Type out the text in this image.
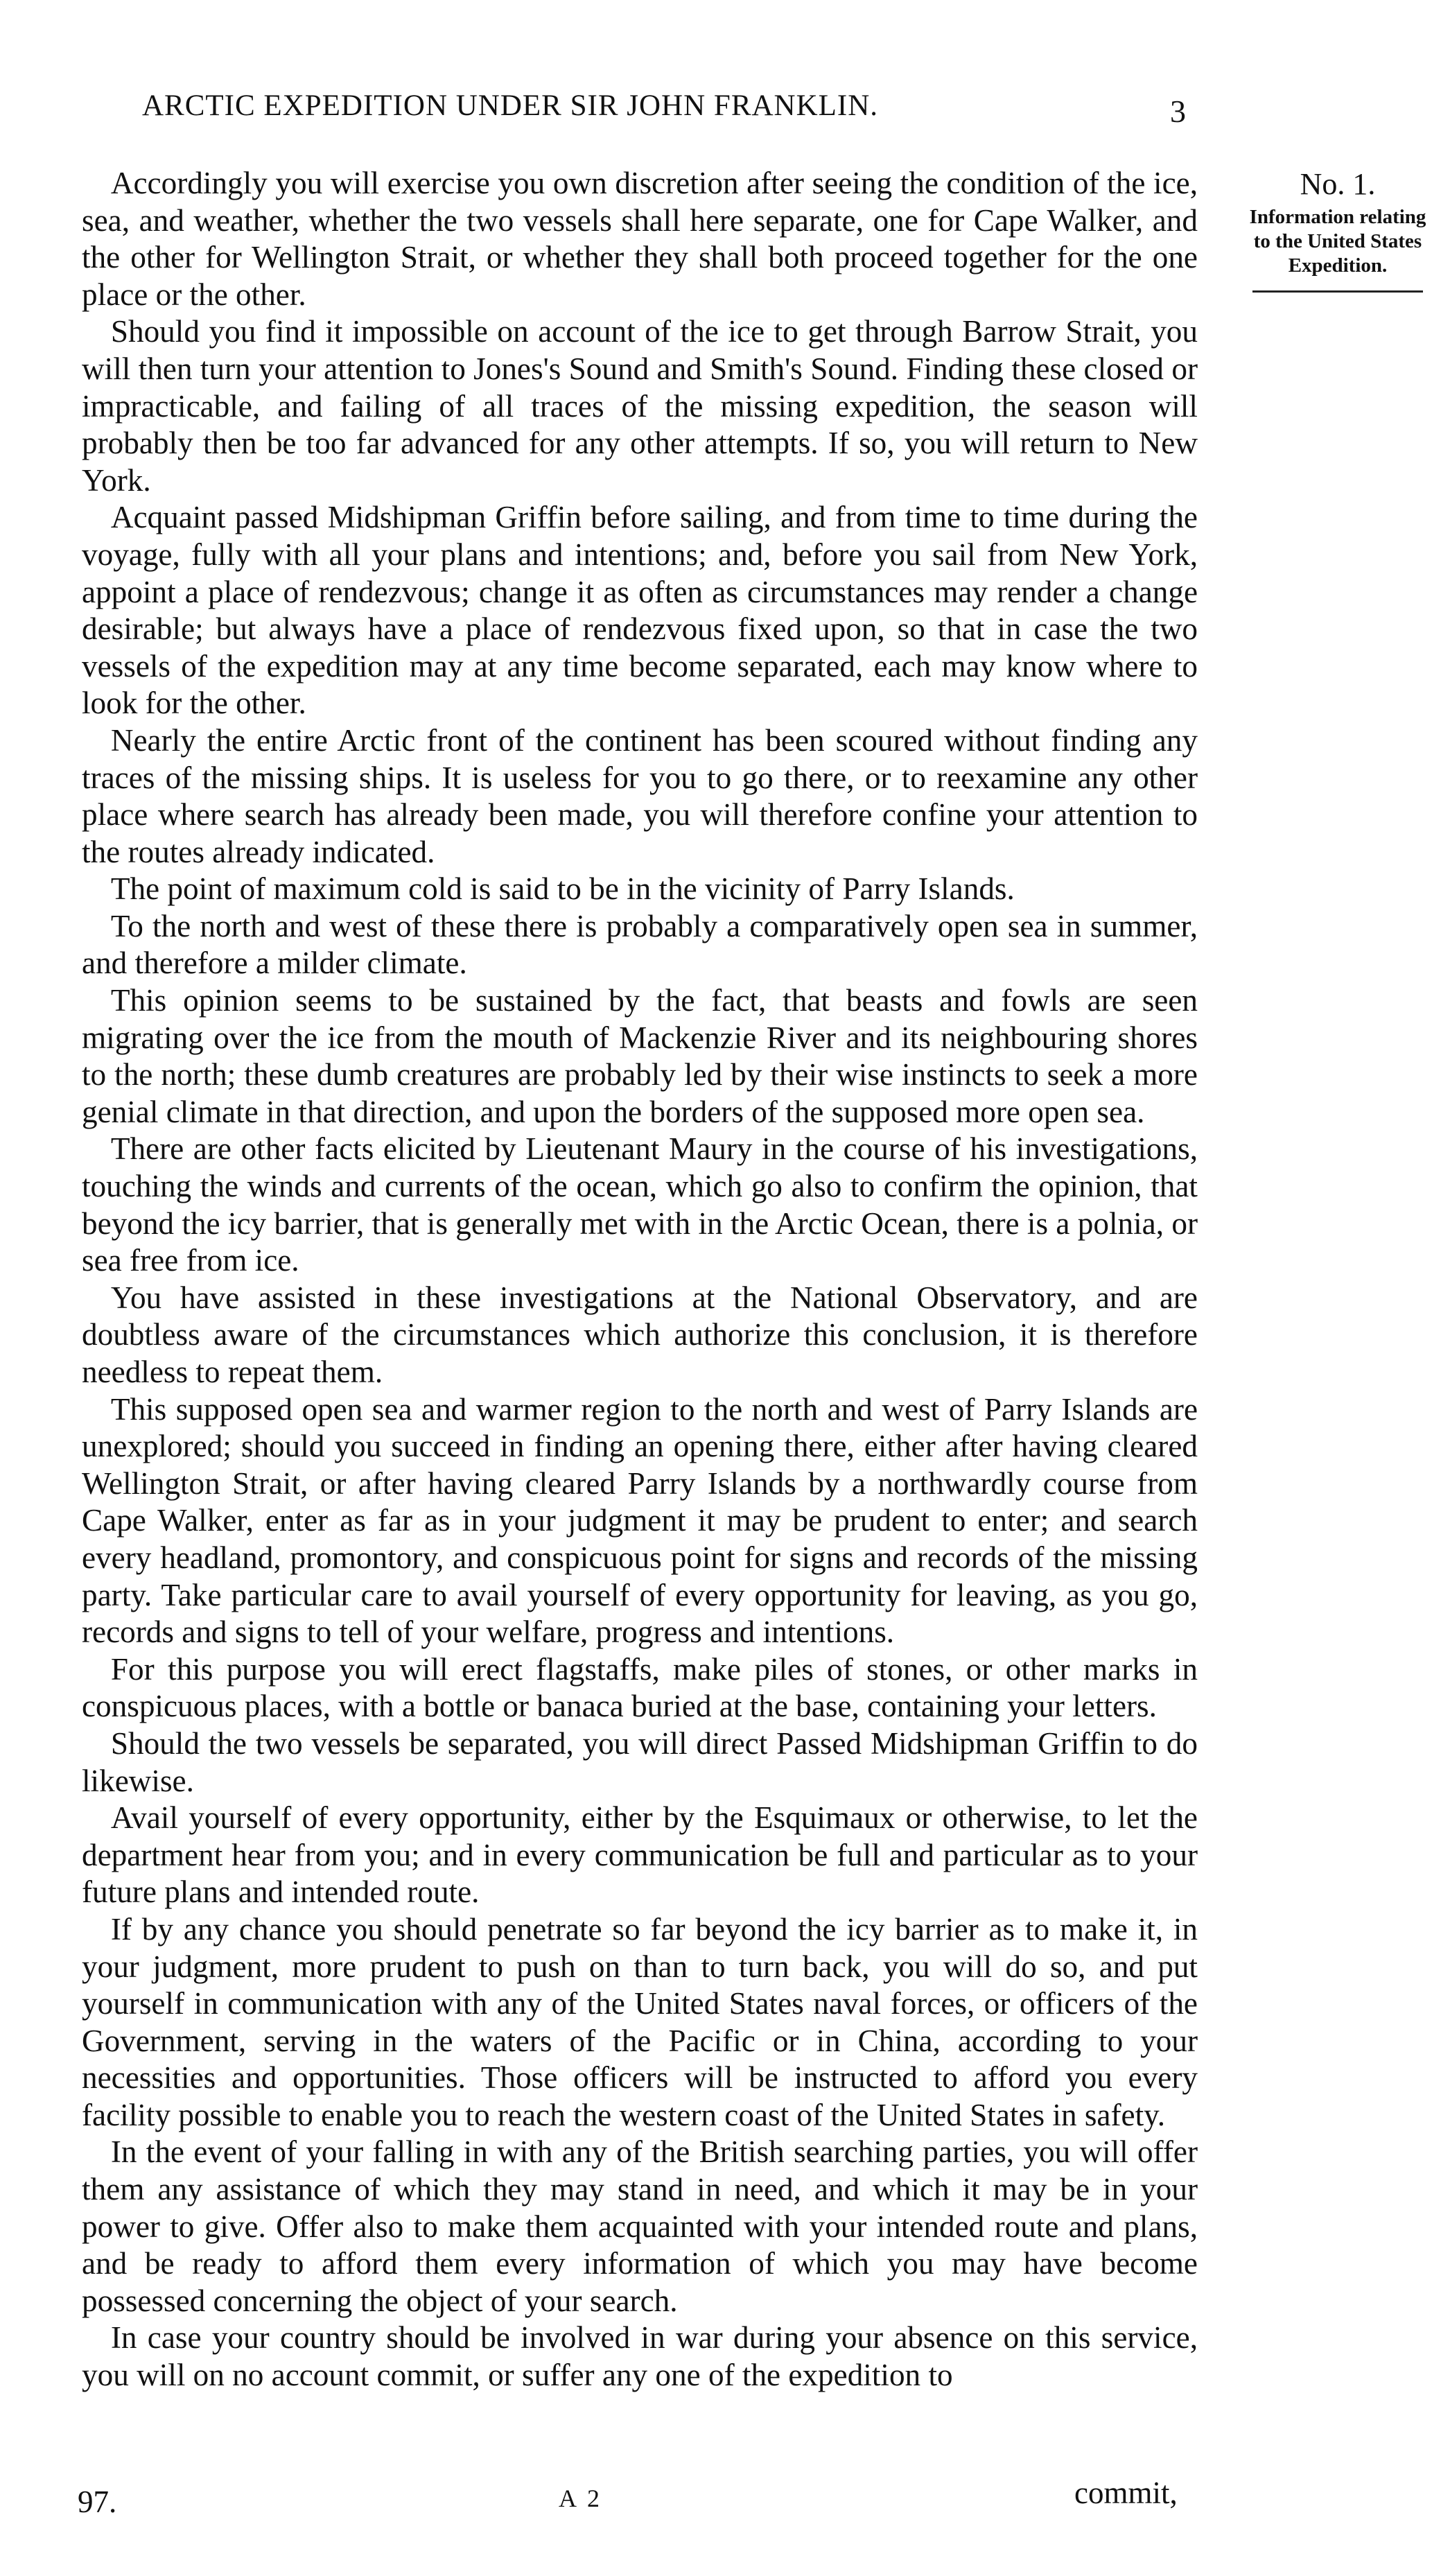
ARCTIC EXPEDITION UNDER SIR JOHN FRANKLIN.	3
No. 1.
Information relating to the United States Expedition.

Accordingly you will exercise you own discretion after seeing the condition of the ice, sea, and weather, whether the two vessels shall here separate, one for Cape Walker, and the other for Wellington Strait, or whether they shall both proceed together for the one place or the other.

Should you find it impossible on account of the ice to get through Barrow Strait, you will then turn your attention to Jones's Sound and Smith's Sound. Finding these closed or impracticable, and failing of all traces of the missing expedition, the season will probably then be too far advanced for any other attempts. If so, you will return to New York.

Acquaint passed Midshipman Griffin before sailing, and from time to time during the voyage, fully with all your plans and intentions; and, before you sail from New York, appoint a place of rendezvous; change it as often as circumstances may render a change desirable; but always have a place of rendezvous fixed upon, so that in case the two vessels of the expedition may at any time become separated, each may know where to look for the other.

Nearly the entire Arctic front of the continent has been scoured without finding any traces of the missing ships. It is useless for you to go there, or to reexamine any other place where search has already been made, you will therefore confine your attention to the routes already indicated.

The point of maximum cold is said to be in the vicinity of Parry Islands.

To the north and west of these there is probably a comparatively open sea in summer, and therefore a milder climate.

This opinion seems to be sustained by the fact, that beasts and fowls are seen migrating over the ice from the mouth of Mackenzie River and its neighbouring shores to the north; these dumb creatures are probably led by their wise instincts to seek a more genial climate in that direction, and upon the borders of the supposed more open sea.

There are other facts elicited by Lieutenant Maury in the course of his investigations, touching the winds and currents of the ocean, which go also to confirm the opinion, that beyond the icy barrier, that is generally met with in the Arctic Ocean, there is a polnia, or sea free from ice.

You have assisted in these investigations at the National Observatory, and are doubtless aware of the circumstances which authorize this conclusion, it is therefore needless to repeat them.

This supposed open sea and warmer region to the north and west of Parry Islands are unexplored; should you succeed in finding an opening there, either after having cleared Wellington Strait, or after having cleared Parry Islands by a northwardly course from Cape Walker, enter as far as in your judgment it may be prudent to enter; and search every headland, promontory, and conspicuous point for signs and records of the missing party. Take particular care to avail yourself of every opportunity for leaving, as you go, records and signs to tell of your welfare, progress and intentions.

For this purpose you will erect flagstaffs, make piles of stones, or other marks in conspicuous places, with a bottle or banaca buried at the base, containing your letters.

Should the two vessels be separated, you will direct Passed Midshipman Griffin to do likewise.

Avail yourself of every opportunity, either by the Esquimaux or otherwise, to let the department hear from you; and in every communication be full and particular as to your future plans and intended route.

If by any chance you should penetrate so far beyond the icy barrier as to make it, in your judgment, more prudent to push on than to turn back, you will do so, and put yourself in communication with any of the United States naval forces, or officers of the Government, serving in the waters of the Pacific or in China, according to your necessities and opportunities. Those officers will be instructed to afford you every facility possible to enable you to reach the western coast of the United States in safety.

In the event of your falling in with any of the British searching parties, you will offer them any assistance of which they may stand in need, and which it may be in your power to give. Offer also to make them acquainted with your intended route and plans, and be ready to afford them every information of which you may have become possessed concerning the object of your search.

In case your country should be involved in war during your absence on this service, you will on no account commit, or suffer any one of the expedition to

97.	A 2	commit,
